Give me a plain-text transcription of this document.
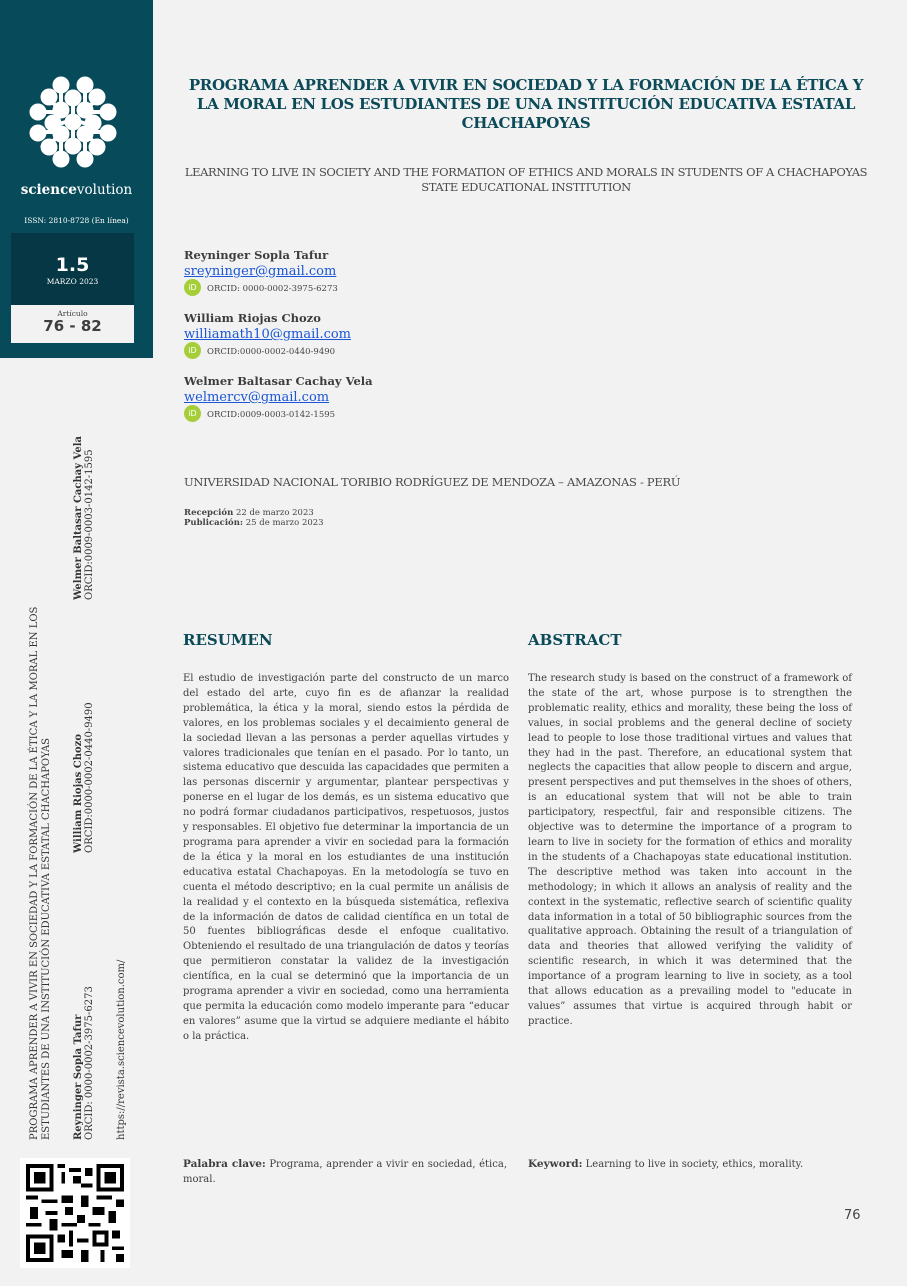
sciencevolution
ISSN: 2810-8728 (En línea)
1.5
MARZO 2023
Artículo
76 - 82
PROGRAMA APRENDER A VIVIR EN SOCIEDAD Y LA FORMACIÓN DE LA ÉTICA Y LA MORAL EN LOS ESTUDIANTES DE UNA INSTITUCIÓN EDUCATIVA ESTATAL CHACHAPOYAS
LEARNING TO LIVE IN SOCIETY AND THE FORMATION OF ETHICS AND MORALS IN STUDENTS OF A CHACHAPOYAS STATE EDUCATIONAL INSTITUTION
Reyninger Sopla Tafur
sreyninger@gmail.com
iD	ORCID: 0000-0002-3975-6273
William Riojas Chozo
williamath10@gmail.com
iD	ORCID:0000-0002-0440-9490
Welmer Baltasar Cachay Vela
welmercv@gmail.com
iD	ORCID:0009-0003-0142-1595
UNIVERSIDAD NACIONAL TORIBIO RODRÍGUEZ DE MENDOZA – AMAZONAS - PERÚ
Recepción 22 de marzo 2023
Publicación: 25 de marzo 2023
PROGRAMA APRENDER A VIVIR EN SOCIEDAD Y LA FORMACIÓN DE LA ÉTICA Y LA MORAL EN LOS ESTUDIANTES DE UNA INSTITUCIÓN EDUCATIVA ESTATAL CHACHAPOYAS Reyninger Sopla Tafur ORCID: 0000-0002-3975-6273
William Riojas Chozo ORCID:0000-0002-0440-9490
Welmer Baltasar Cachay Vela ORCID:0009-0003-0142-1595
https://revista.sciencevolution.com/
RESUMEN	ABSTRACT
El estudio de investigación parte del constructo de un marco del estado del arte, cuyo fin es de afianzar la realidad problemática, la ética y la moral, siendo estos la pérdida de valores, en los problemas sociales y el decaimiento general de la sociedad llevan a las personas a perder aquellas virtudes y valores tradicionales que tenían en el pasado. Por lo tanto, un sistema educativo que descuida las capacidades que permiten a las personas discernir y argumentar, plantear perspectivas y ponerse en el lugar de los demás, es un sistema educativo que no podrá formar ciudadanos participativos, respetuosos, justos y responsables. El objetivo fue determinar la importancia de un programa para aprender a vivir en sociedad para la formación de la ética y la moral en los estudiantes de una institución educativa estatal Chachapoyas. En la metodología se tuvo en cuenta el método descriptivo; en la cual permite un análisis de la realidad y el contexto en la búsqueda sistemática, reflexiva de la información de datos de calidad científica en un total de 50 fuentes bibliográficas desde el enfoque cualitativo. Obteniendo el resultado de una triangulación de datos y teorías que permitieron constatar la validez de la investigación científica, en la cual se determinó que la importancia de un programa aprender a vivir en sociedad, como una herramienta que permita la educación como modelo imperante para “educar en valores” asume que la virtud se adquiere mediante el hábito o la práctica.
The research study is based on the construct of a framework of the state of the art, whose purpose is to strengthen the problematic reality, ethics and morality, these being the loss of values, in social problems and the general decline of society lead to people to lose those traditional virtues and values that they had in the past. Therefore, an educational system that neglects the capacities that allow people to discern and argue, present perspectives and put themselves in the shoes of others, is an educational system that will not be able to train participatory, respectful, fair and responsible citizens. The objective was to determine the importance of a program to learn to live in society for the formation of ethics and morality in the students of a Chachapoyas state educational institution. The descriptive method was taken into account in the methodology; in which it allows an analysis of reality and the context in the systematic, reflective search of scientific quality data information in a total of 50 bibliographic sources from the qualitative approach. Obtaining the result of a triangulation of data and theories that allowed verifying the validity of scientific research, in which it was determined that the importance of a program learning to live in society, as a tool that allows education as a prevailing model to "educate in values” assumes that virtue is acquired through habit or practice.
Palabra clave: Programa, aprender a vivir en sociedad, ética, moral.
Keyword: Learning to live in society, ethics, morality.
76
